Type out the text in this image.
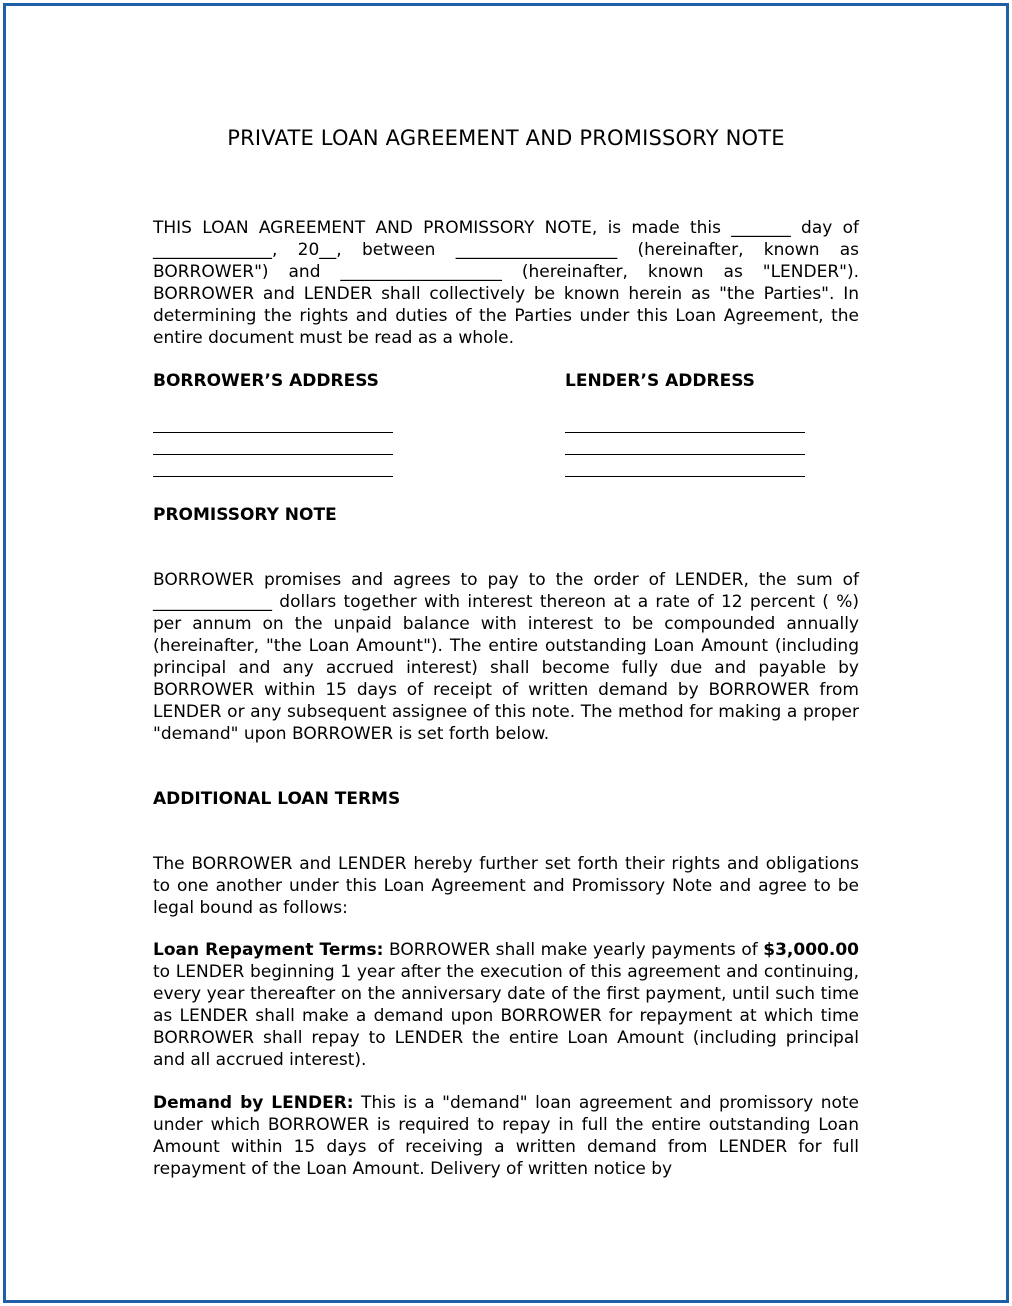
PRIVATE LOAN AGREEMENT AND PROMISSORY NOTE

THIS LOAN AGREEMENT AND PROMISSORY NOTE, is made this _______ day of ______________, 20__, between ___________________ (hereinafter, known as BORROWER") and ___________________ (hereinafter, known as "LENDER"). BORROWER and LENDER shall collectively be known herein as "the Parties". In determining the rights and duties of the Parties under this Loan Agreement, the entire document must be read as a whole.

BORROWER’S ADDRESS	LENDER’S ADDRESS
PROMISSORY NOTE

BORROWER promises and agrees to pay to the order of LENDER, the sum of ______________ dollars together with interest thereon at a rate of 12 percent ( %) per annum on the unpaid balance with interest to be compounded annually (hereinafter, "the Loan Amount"). The entire outstanding Loan Amount (including principal and any accrued interest) shall become fully due and payable by BORROWER within 15 days of receipt of written demand by BORROWER from LENDER or any subsequent assignee of this note. The method for making a proper "demand" upon BORROWER is set forth below.

ADDITIONAL LOAN TERMS

The BORROWER and LENDER hereby further set forth their rights and obligations to one another under this Loan Agreement and Promissory Note and agree to be legal bound as follows:

Loan Repayment Terms: BORROWER shall make yearly payments of $3,000.00 to LENDER beginning 1 year after the execution of this agreement and continuing, every year thereafter on the anniversary date of the first payment, until such time as LENDER shall make a demand upon BORROWER for repayment at which time BORROWER shall repay to LENDER the entire Loan Amount (including principal and all accrued interest).

Demand by LENDER: This is a "demand" loan agreement and promissory note under which BORROWER is required to repay in full the entire outstanding Loan Amount within 15 days of receiving a written demand from LENDER for full repayment of the Loan Amount. Delivery of written notice by
